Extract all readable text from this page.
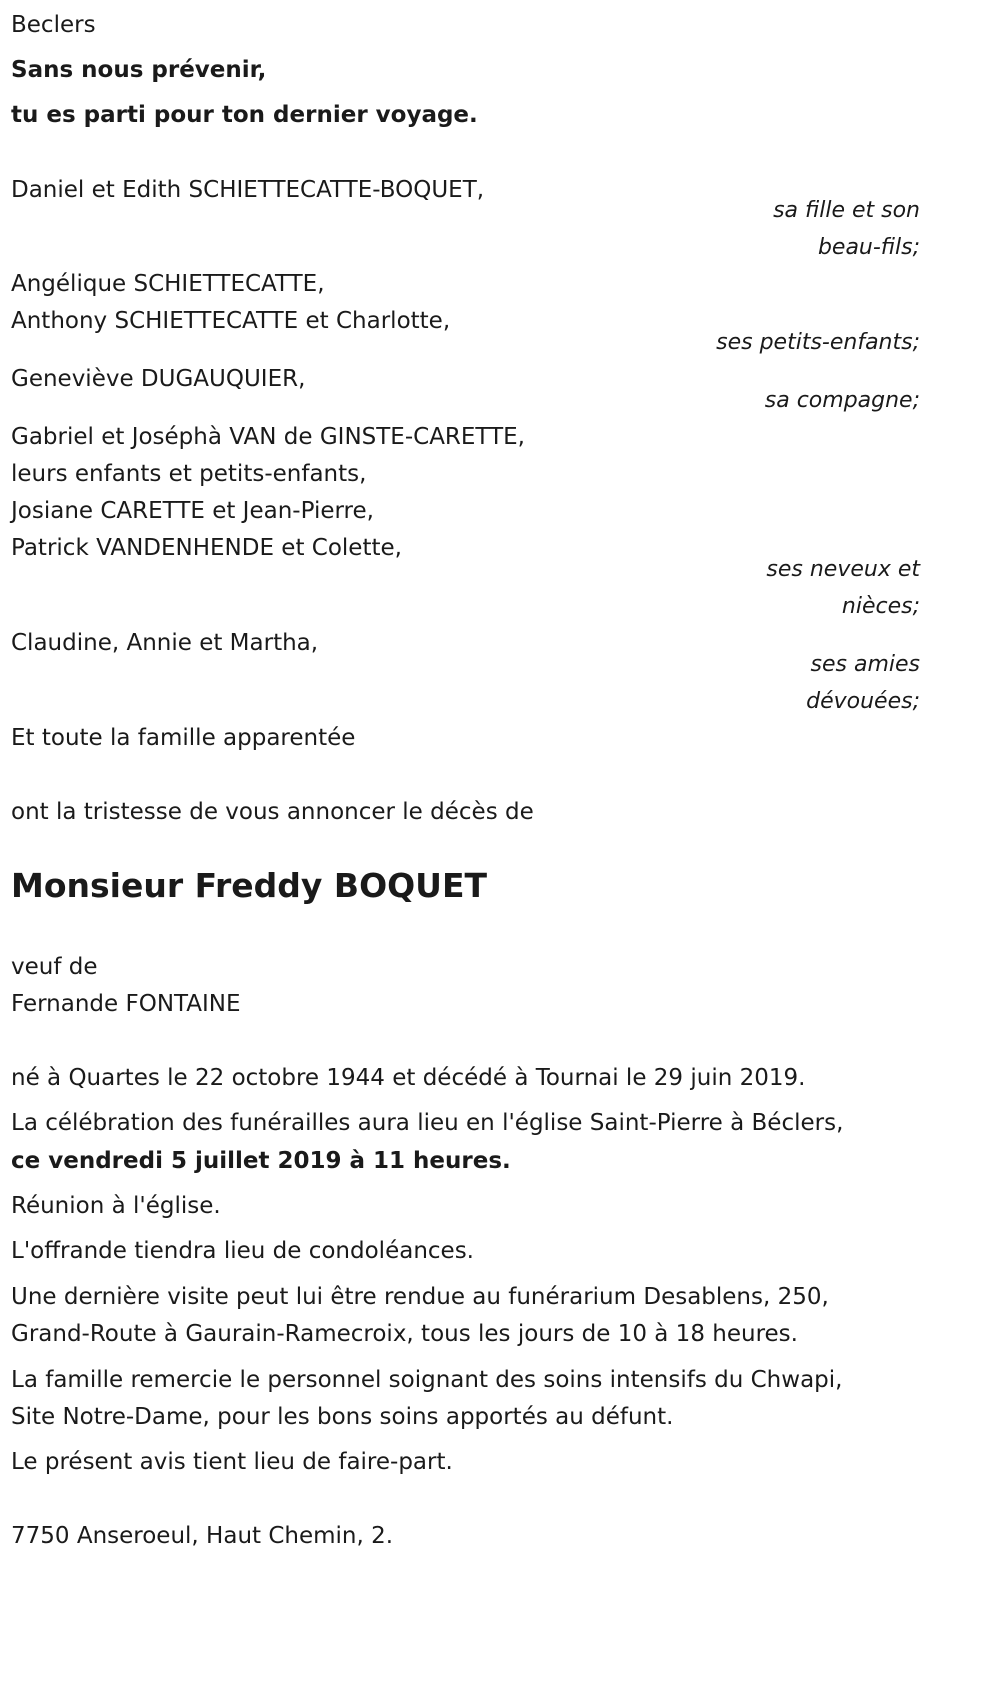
Beclers
Sans nous prévenir,
tu es parti pour ton dernier voyage.
Daniel et Edith SCHIETTECATTE-BOQUET,
sa fille et son
beau-fils;
Angélique SCHIETTECATTE,
Anthony SCHIETTECATTE et Charlotte,
ses petits-enfants;
Geneviève DUGAUQUIER,
sa compagne;
Gabriel et Joséphà VAN de GINSTE-CARETTE,
leurs enfants et petits-enfants,
Josiane CARETTE et Jean-Pierre,
Patrick VANDENHENDE et Colette,
ses neveux et
nièces;
Claudine, Annie et Martha,
ses amies
dévouées;
Et toute la famille apparentée
ont la tristesse de vous annoncer le décès de
Monsieur Freddy BOQUET
veuf de
Fernande FONTAINE
né à Quartes le 22 octobre 1944 et décédé à Tournai le 29 juin 2019.
La célébration des funérailles aura lieu en l'église Saint-Pierre à Béclers,
ce vendredi 5 juillet 2019 à 11 heures.
Réunion à l'église.
L'offrande tiendra lieu de condoléances.
Une dernière visite peut lui être rendue au funérarium Desablens, 250,
Grand-Route à Gaurain-Ramecroix, tous les jours de 10 à 18 heures.
La famille remercie le personnel soignant des soins intensifs du Chwapi,
Site Notre-Dame, pour les bons soins apportés au défunt.
Le présent avis tient lieu de faire-part.
7750 Anseroeul, Haut Chemin, 2.
